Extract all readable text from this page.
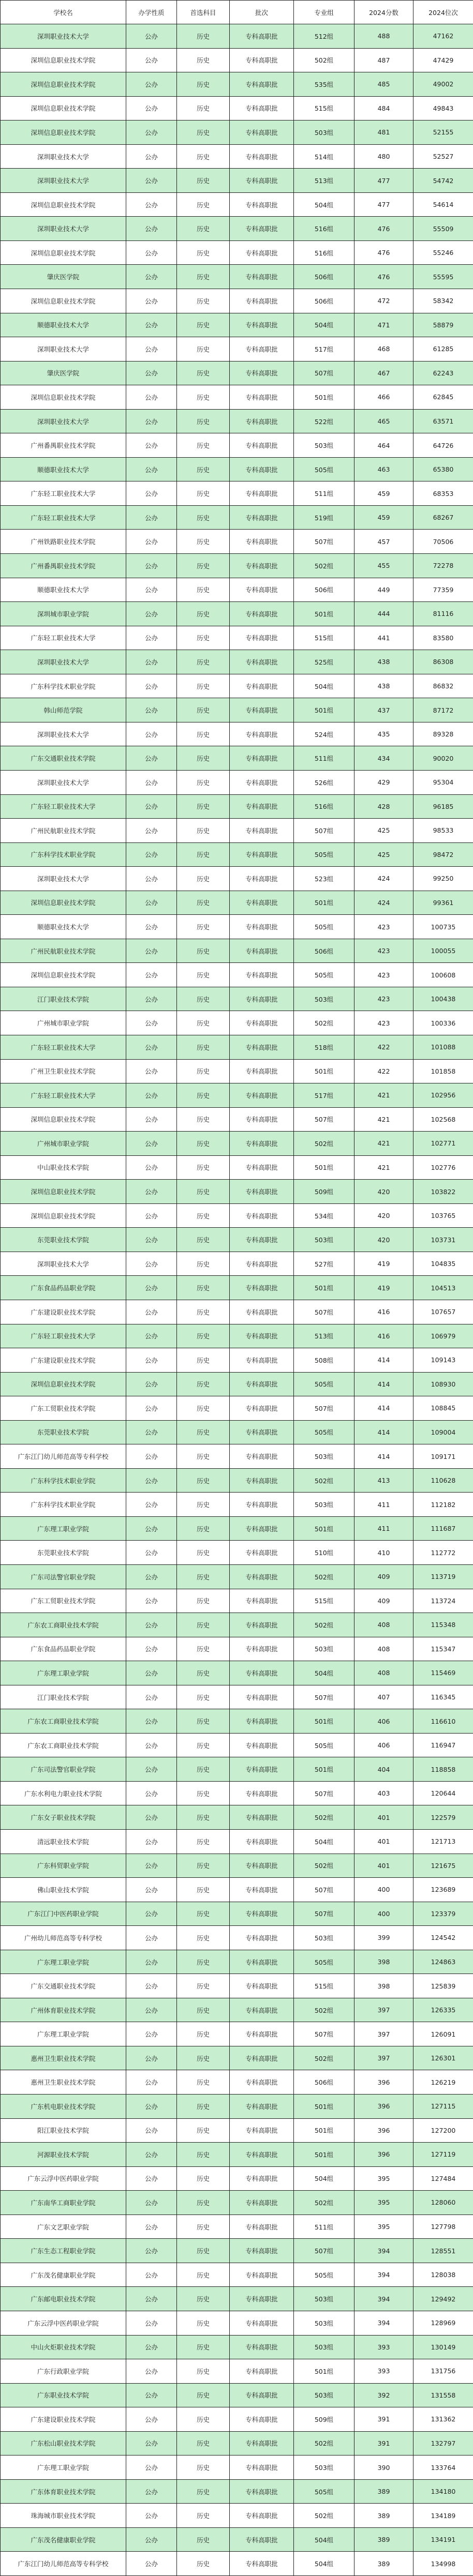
学校名	办学性质	首选科目	批次	专业组	2024分数	2024位次
深圳职业技术大学	公办	历史	专科高职批	512组	488	47162
深圳信息职业技术学院	公办	历史	专科高职批	502组	487	47429
深圳信息职业技术学院	公办	历史	专科高职批	535组	485	49002
深圳信息职业技术学院	公办	历史	专科高职批	515组	484	49843
深圳信息职业技术学院	公办	历史	专科高职批	503组	481	52155
深圳职业技术大学	公办	历史	专科高职批	514组	480	52527
深圳职业技术大学	公办	历史	专科高职批	513组	477	54742
深圳信息职业技术学院	公办	历史	专科高职批	504组	477	54614
深圳职业技术大学	公办	历史	专科高职批	516组	476	55509
深圳信息职业技术学院	公办	历史	专科高职批	516组	476	55246
肇庆医学院	公办	历史	专科高职批	506组	476	55595
深圳信息职业技术学院	公办	历史	专科高职批	506组	472	58342
顺德职业技术大学	公办	历史	专科高职批	504组	471	58879
深圳职业技术大学	公办	历史	专科高职批	517组	468	61285
肇庆医学院	公办	历史	专科高职批	507组	467	62243
深圳信息职业技术学院	公办	历史	专科高职批	501组	466	62845
深圳职业技术大学	公办	历史	专科高职批	522组	465	63571
广州番禺职业技术学院	公办	历史	专科高职批	503组	464	64726
顺德职业技术大学	公办	历史	专科高职批	505组	463	65380
广东轻工职业技术大学	公办	历史	专科高职批	511组	459	68353
广东轻工职业技术大学	公办	历史	专科高职批	519组	459	68267
广州铁路职业技术学院	公办	历史	专科高职批	507组	457	70506
广州番禺职业技术学院	公办	历史	专科高职批	502组	455	72278
顺德职业技术大学	公办	历史	专科高职批	506组	449	77359
深圳城市职业学院	公办	历史	专科高职批	501组	444	81116
广东轻工职业技术大学	公办	历史	专科高职批	515组	441	83580
深圳职业技术大学	公办	历史	专科高职批	525组	438	86308
广东科学技术职业学院	公办	历史	专科高职批	504组	438	86832
韩山师范学院	公办	历史	专科高职批	501组	437	87172
深圳职业技术大学	公办	历史	专科高职批	524组	435	89328
广东交通职业技术学院	公办	历史	专科高职批	511组	434	90020
深圳职业技术大学	公办	历史	专科高职批	526组	429	95304
广东轻工职业技术大学	公办	历史	专科高职批	516组	428	96185
广州民航职业技术学院	公办	历史	专科高职批	507组	425	98533
广东科学技术职业学院	公办	历史	专科高职批	505组	425	98472
深圳职业技术大学	公办	历史	专科高职批	523组	424	99250
深圳信息职业技术学院	公办	历史	专科高职批	501组	424	99361
顺德职业技术大学	公办	历史	专科高职批	505组	423	100735
广州民航职业技术学院	公办	历史	专科高职批	506组	423	100055
深圳信息职业技术学院	公办	历史	专科高职批	505组	423	100608
江门职业技术学院	公办	历史	专科高职批	503组	423	100438
广州城市职业学院	公办	历史	专科高职批	502组	423	100336
广东轻工职业技术大学	公办	历史	专科高职批	518组	422	101088
广州卫生职业技术学院	公办	历史	专科高职批	501组	422	101858
广东轻工职业技术大学	公办	历史	专科高职批	517组	421	102956
深圳信息职业技术学院	公办	历史	专科高职批	507组	421	102568
广州城市职业学院	公办	历史	专科高职批	502组	421	102771
中山职业技术学院	公办	历史	专科高职批	501组	421	102776
深圳信息职业技术学院	公办	历史	专科高职批	509组	420	103822
深圳信息职业技术学院	公办	历史	专科高职批	534组	420	103765
东莞职业技术学院	公办	历史	专科高职批	503组	420	103731
深圳职业技术大学	公办	历史	专科高职批	527组	419	104835
广东食品药品职业学院	公办	历史	专科高职批	501组	419	104513
广东建设职业技术学院	公办	历史	专科高职批	507组	416	107657
广东轻工职业技术大学	公办	历史	专科高职批	513组	416	106979
广东建设职业技术学院	公办	历史	专科高职批	508组	414	109143
深圳信息职业技术学院	公办	历史	专科高职批	505组	414	108930
广东工贸职业技术学院	公办	历史	专科高职批	507组	414	108845
东莞职业技术学院	公办	历史	专科高职批	505组	414	109004
广东江门幼儿师范高等专科学校	公办	历史	专科高职批	503组	414	109171
广东科学技术职业学院	公办	历史	专科高职批	502组	413	110628
广东科学技术职业学院	公办	历史	专科高职批	503组	411	112182
广东理工职业学院	公办	历史	专科高职批	501组	411	111687
东莞职业技术学院	公办	历史	专科高职批	510组	410	112772
广东司法警官职业学院	公办	历史	专科高职批	502组	409	113719
广东工贸职业技术学院	公办	历史	专科高职批	515组	409	113724
广东农工商职业技术学院	公办	历史	专科高职批	502组	408	115348
广东食品药品职业学院	公办	历史	专科高职批	503组	408	115347
广东理工职业学院	公办	历史	专科高职批	504组	408	115469
江门职业技术学院	公办	历史	专科高职批	507组	407	116345
广东农工商职业技术学院	公办	历史	专科高职批	501组	406	116610
广东农工商职业技术学院	公办	历史	专科高职批	505组	406	116947
广东司法警官职业学院	公办	历史	专科高职批	501组	404	118858
广东水利电力职业技术学院	公办	历史	专科高职批	507组	403	120644
广东女子职业技术学院	公办	历史	专科高职批	502组	401	122579
清远职业技术学院	公办	历史	专科高职批	504组	401	121713
广东科贸职业学院	公办	历史	专科高职批	502组	401	121675
佛山职业技术学院	公办	历史	专科高职批	507组	400	123689
广东江门中医药职业学院	公办	历史	专科高职批	507组	400	123379
广州幼儿师范高等专科学校	公办	历史	专科高职批	503组	399	124542
广东理工职业学院	公办	历史	专科高职批	505组	398	124863
广东交通职业技术学院	公办	历史	专科高职批	515组	398	125839
广州体育职业技术学院	公办	历史	专科高职批	502组	397	126335
广东理工职业学院	公办	历史	专科高职批	507组	397	126091
惠州卫生职业技术学院	公办	历史	专科高职批	502组	397	126301
惠州卫生职业技术学院	公办	历史	专科高职批	506组	396	126219
广东机电职业技术学院	公办	历史	专科高职批	501组	396	127115
阳江职业技术学院	公办	历史	专科高职批	501组	396	127200
河源职业技术学院	公办	历史	专科高职批	501组	396	127119
广东云浮中医药职业学院	公办	历史	专科高职批	504组	395	127484
广东南华工商职业学院	公办	历史	专科高职批	502组	395	128060
广东文艺职业学院	公办	历史	专科高职批	511组	395	127798
广东生态工程职业学院	公办	历史	专科高职批	507组	394	128551
广东茂名健康职业学院	公办	历史	专科高职批	505组	394	128038
广东邮电职业技术学院	公办	历史	专科高职批	503组	394	129492
广东云浮中医药职业学院	公办	历史	专科高职批	503组	394	128969
中山火炬职业技术学院	公办	历史	专科高职批	503组	393	130149
广东行政职业学院	公办	历史	专科高职批	501组	393	131756
广东职业技术学院	公办	历史	专科高职批	503组	392	131558
广东建设职业技术学院	公办	历史	专科高职批	509组	391	131362
广东松山职业技术学院	公办	历史	专科高职批	502组	391	132797
广东理工职业学院	公办	历史	专科高职批	503组	390	133764
广东体育职业技术学院	公办	历史	专科高职批	505组	389	134180
珠海城市职业技术学院	公办	历史	专科高职批	502组	389	134189
广东茂名健康职业学院	公办	历史	专科高职批	504组	389	134191
广东江门幼儿师范高等专科学校	公办	历史	专科高职批	504组	389	134998
